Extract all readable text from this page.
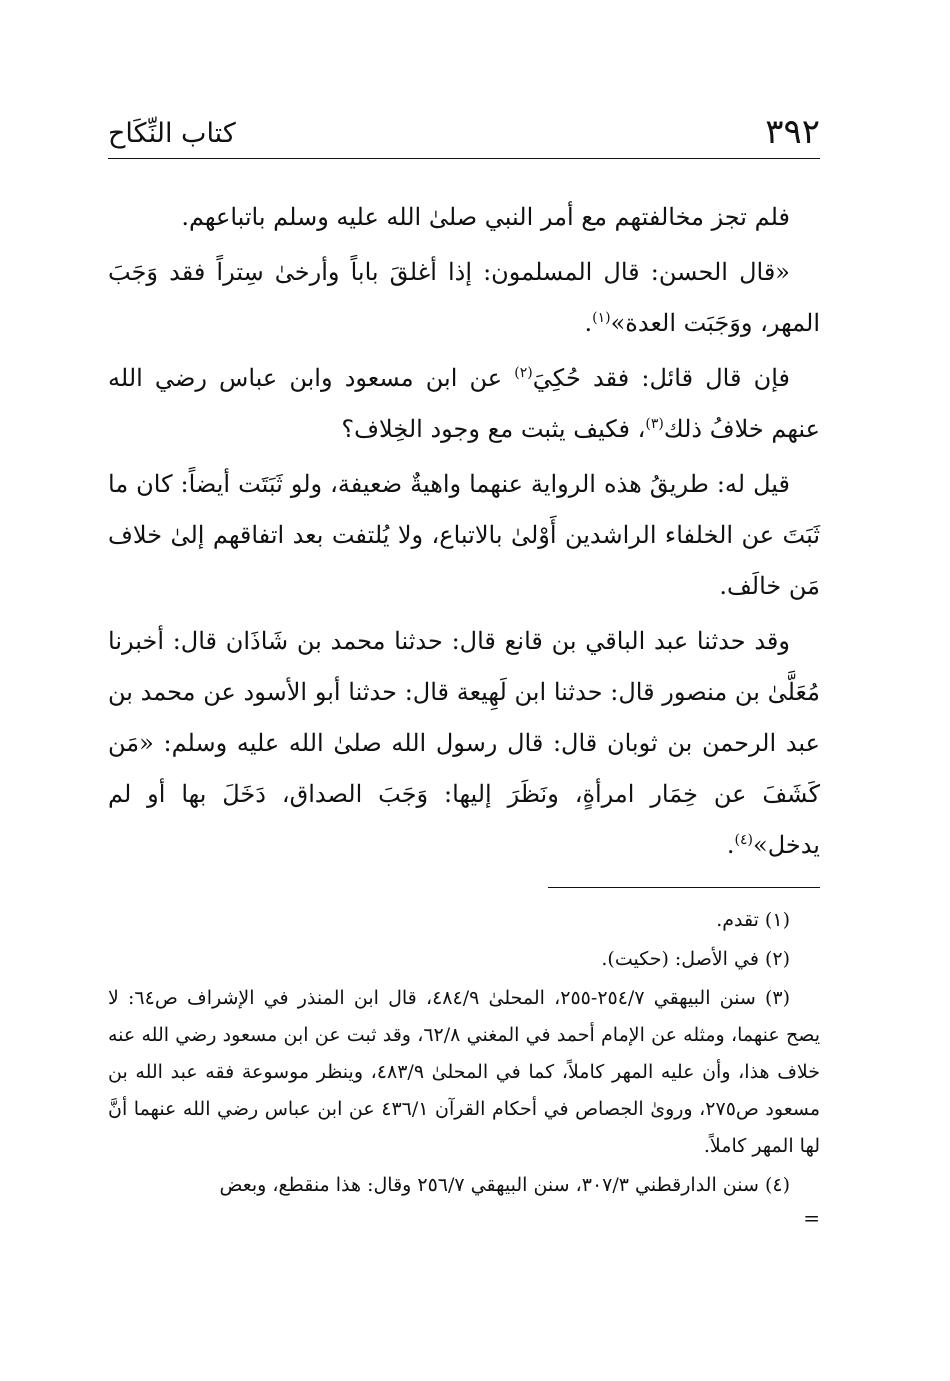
٣٩٢
كتاب النِّكَاح

فلم تجز مخالفتهم مع أمر النبي صلىٰ الله عليه وسلم باتباعهم.

«قال الحسن: قال المسلمون: إذا أغلقَ باباً وأرخىٰ سِتراً فقد وَجَبَ المهر، ووَجَبَت العدة»$^{(١)}$.

فإن قال قائل: فقد حُكِيَ$^{(٢)}$ عن ابن مسعود وابن عباس رضي الله عنهم خلافُ ذلك$^{(٣)}$، فكيف يثبت مع وجود الخِلاف؟

قيل له: طريقُ هذه الرواية عنهما واهيةٌ ضعيفة، ولو ثَبَتَت أيضاً: كان ما ثَبَتَ عن الخلفاء الراشدين أَوْلىٰ بالاتباع، ولا يُلتفت بعد اتفاقهم إلىٰ خلاف مَن خالَف.

وقد حدثنا عبد الباقي بن قانع قال: حدثنا محمد بن شَاذَان قال: أخبرنا مُعَلَّىٰ بن منصور قال: حدثنا ابن لَهِيعة قال: حدثنا أبو الأسود عن محمد بن عبد الرحمن بن ثوبان قال: قال رسول الله صلىٰ الله عليه وسلم: «مَن كَشَفَ عن خِمَار امرأةٍ، ونَظَرَ إليها: وَجَبَ الصداق، دَخَلَ بها أو لم يدخل»$^{(٤)}$.

(١) تقدم.

(٢) في الأصل: (حكيت).

(٣) سنن البيهقي ٢٥٤/٧-٢٥٥، المحلىٰ ٤٨٤/٩، قال ابن المنذر في الإشراف ص٦٤: لا يصح عنهما، ومثله عن الإمام أحمد في المغني ٦٢/٨، وقد ثبت عن ابن مسعود رضي الله عنه خلاف هذا، وأن عليه المهر كاملاً، كما في المحلىٰ ٤٨٣/٩، وينظر موسوعة فقه عبد الله بن مسعود ص٢٧٥، وروىٰ الجصاص في أحكام القرآن ٤٣٦/١ عن ابن عباس رضي الله عنهما أنَّ لها المهر كاملاً.

(٤) سنن الدارقطني ٣٠٧/٣، سنن البيهقي ٢٥٦/٧ وقال: هذا منقطع، وبعض

=
